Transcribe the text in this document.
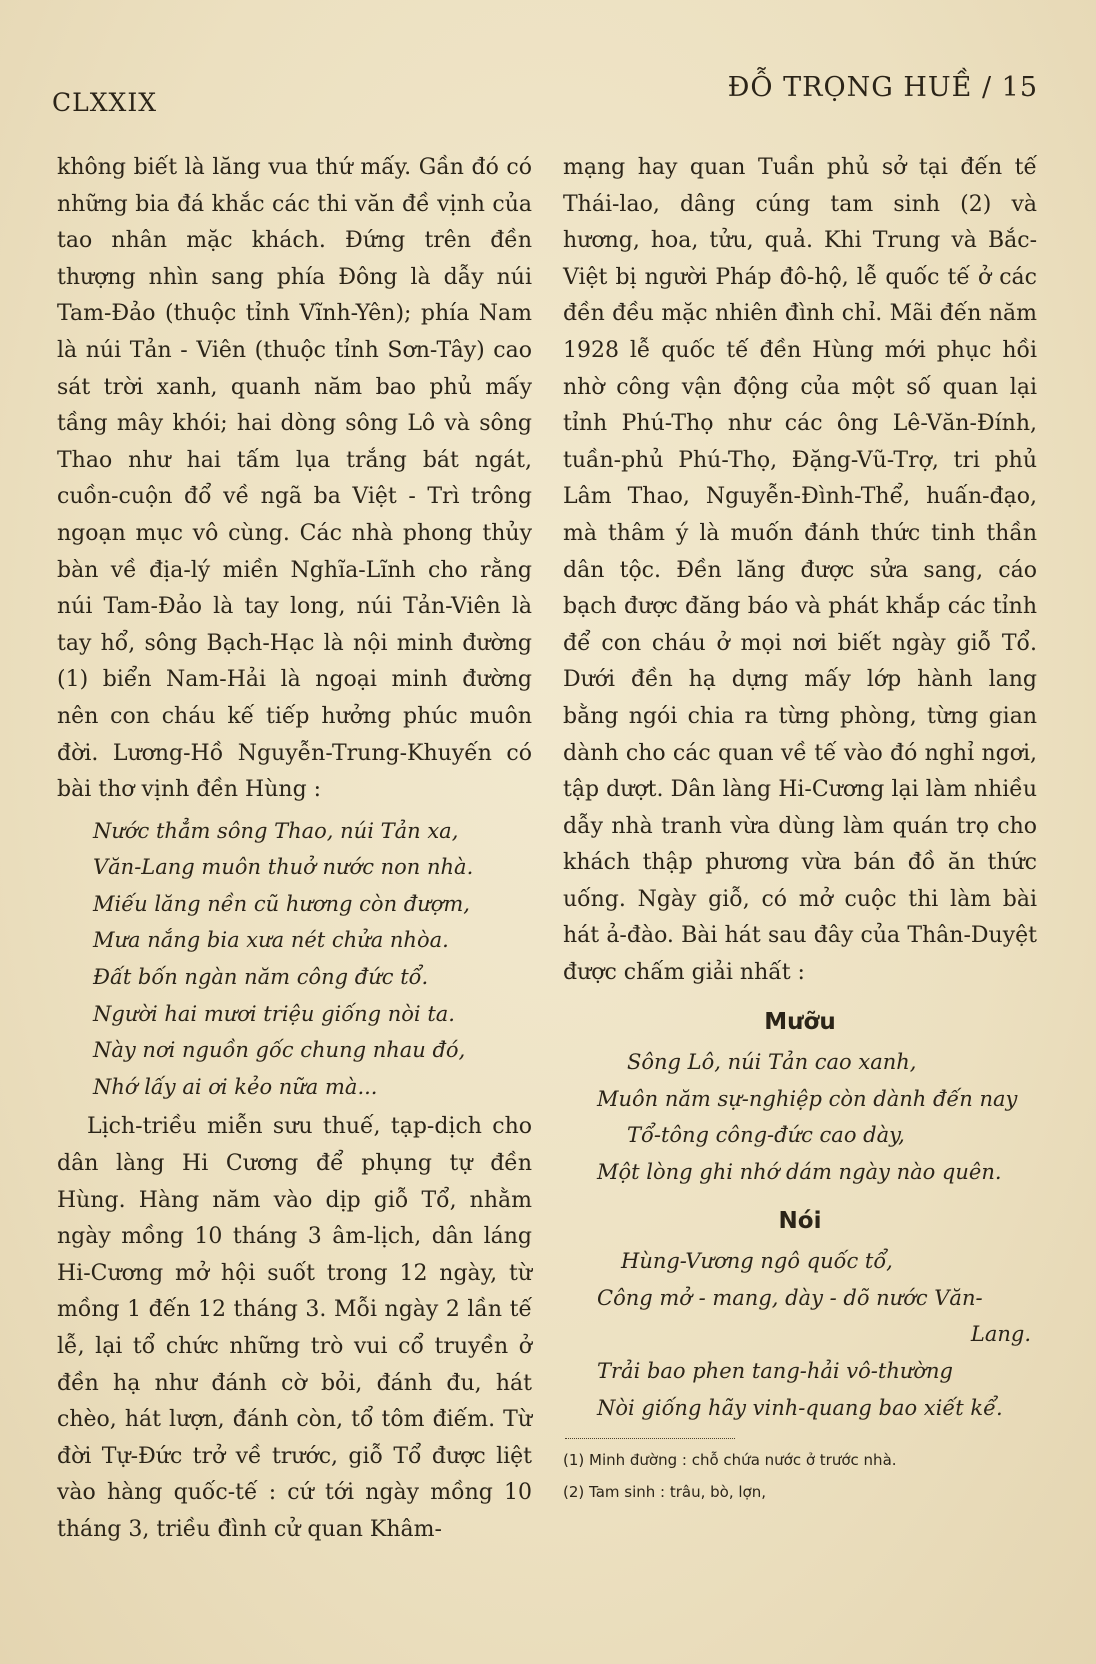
CLXXIX	ĐỖ TRỌNG HUỀ / 15

không biết là lăng vua thứ mấy. Gần đó có những bia đá khắc các thi văn đề vịnh của tao nhân mặc khách. Đứng trên đền thượng nhìn sang phía Đông là dẫy núi Tam-Đảo (thuộc tỉnh Vĩnh-Yên); phía Nam là núi Tản - Viên (thuộc tỉnh Sơn-Tây) cao sát trời xanh, quanh năm bao phủ mấy tầng mây khói; hai dòng sông Lô và sông Thao như hai tấm lụa trắng bát ngát, cuồn-cuộn đổ về ngã ba Việt - Trì trông ngoạn mục vô cùng. Các nhà phong thủy bàn về địa-lý miền Nghĩa-Lĩnh cho rằng núi Tam-Đảo là tay long, núi Tản-Viên là tay hổ, sông Bạch-Hạc là nội minh đường (1) biển Nam-Hải là ngoại minh đường nên con cháu kế tiếp hưởng phúc muôn đời. Lương-Hồ Nguyễn-Trung-Khuyến có bài thơ vịnh đền Hùng :

Nước thẳm sông Thao, núi Tản xa,
Văn-Lang muôn thuở nước non nhà.
Miếu lăng nền cũ hương còn đượm,
Mưa nắng bia xưa nét chửa nhòa.
Đất bốn ngàn năm công đức tổ.
Người hai mươi triệu giống nòi ta.
Này nơi nguồn gốc chung nhau đó,
Nhớ lấy ai ơi kẻo nữa mà...

Lịch-triều miễn sưu thuế, tạp-dịch cho dân làng Hi Cương để phụng tự đền Hùng. Hàng năm vào dịp giỗ Tổ, nhằm ngày mồng 10 tháng 3 âm-lịch, dân láng Hi-Cương mở hội suốt trong 12 ngày, từ mồng 1 đến 12 tháng 3. Mỗi ngày 2 lần tế lễ, lại tổ chức những trò vui cổ truyền ở đền hạ như đánh cờ bỏi, đánh đu, hát chèo, hát lượn, đánh còn, tổ tôm điếm. Từ đời Tự-Đức trở về trước, giỗ Tổ được liệt vào hàng quốc-tế : cứ tới ngày mồng 10 tháng 3, triều đình cử quan Khâm-

mạng hay quan Tuần phủ sở tại đến tế Thái-lao, dâng cúng tam sinh (2) và hương, hoa, tửu, quả. Khi Trung và Bắc-Việt bị người Pháp đô-hộ, lễ quốc tế ở các đền đều mặc nhiên đình chỉ. Mãi đến năm 1928 lễ quốc tế đền Hùng mới phục hồi nhờ công vận động của một số quan lại tỉnh Phú-Thọ như các ông Lê-Văn-Đính, tuần-phủ Phú-Thọ, Đặng-Vũ-Trợ, tri phủ Lâm Thao, Nguyễn-Đình-Thể, huấn-đạo, mà thâm ý là muốn đánh thức tinh thần dân tộc. Đền lăng được sửa sang, cáo bạch được đăng báo và phát khắp các tỉnh để con cháu ở mọi nơi biết ngày giỗ Tổ. Dưới đền hạ dựng mấy lớp hành lang bằng ngói chia ra từng phòng, từng gian dành cho các quan về tế vào đó nghỉ ngơi, tập dượt. Dân làng Hi-Cương lại làm nhiều dẫy nhà tranh vừa dùng làm quán trọ cho khách thập phương vừa bán đồ ăn thức uống. Ngày giỗ, có mở cuộc thi làm bài hát ả-đào. Bài hát sau đây của Thân-Duyệt được chấm giải nhất :

Mưỡu
Sông Lô, núi Tản cao xanh,
Muôn năm sự-nghiệp còn dành đến nay
Tổ-tông công-đức cao dày,
Một lòng ghi nhớ dám ngày nào quên.
Nói
Hùng-Vương ngô quốc tổ,
Công mở - mang, dày - dõ nước Văn-
Lang.
Trải bao phen tang-hải vô-thường
Nòi giống hãy vinh-quang bao xiết kể.

(1) Minh đường : chỗ chứa nước ở trước nhà.

(2) Tam sinh : trâu, bò, lợn,
